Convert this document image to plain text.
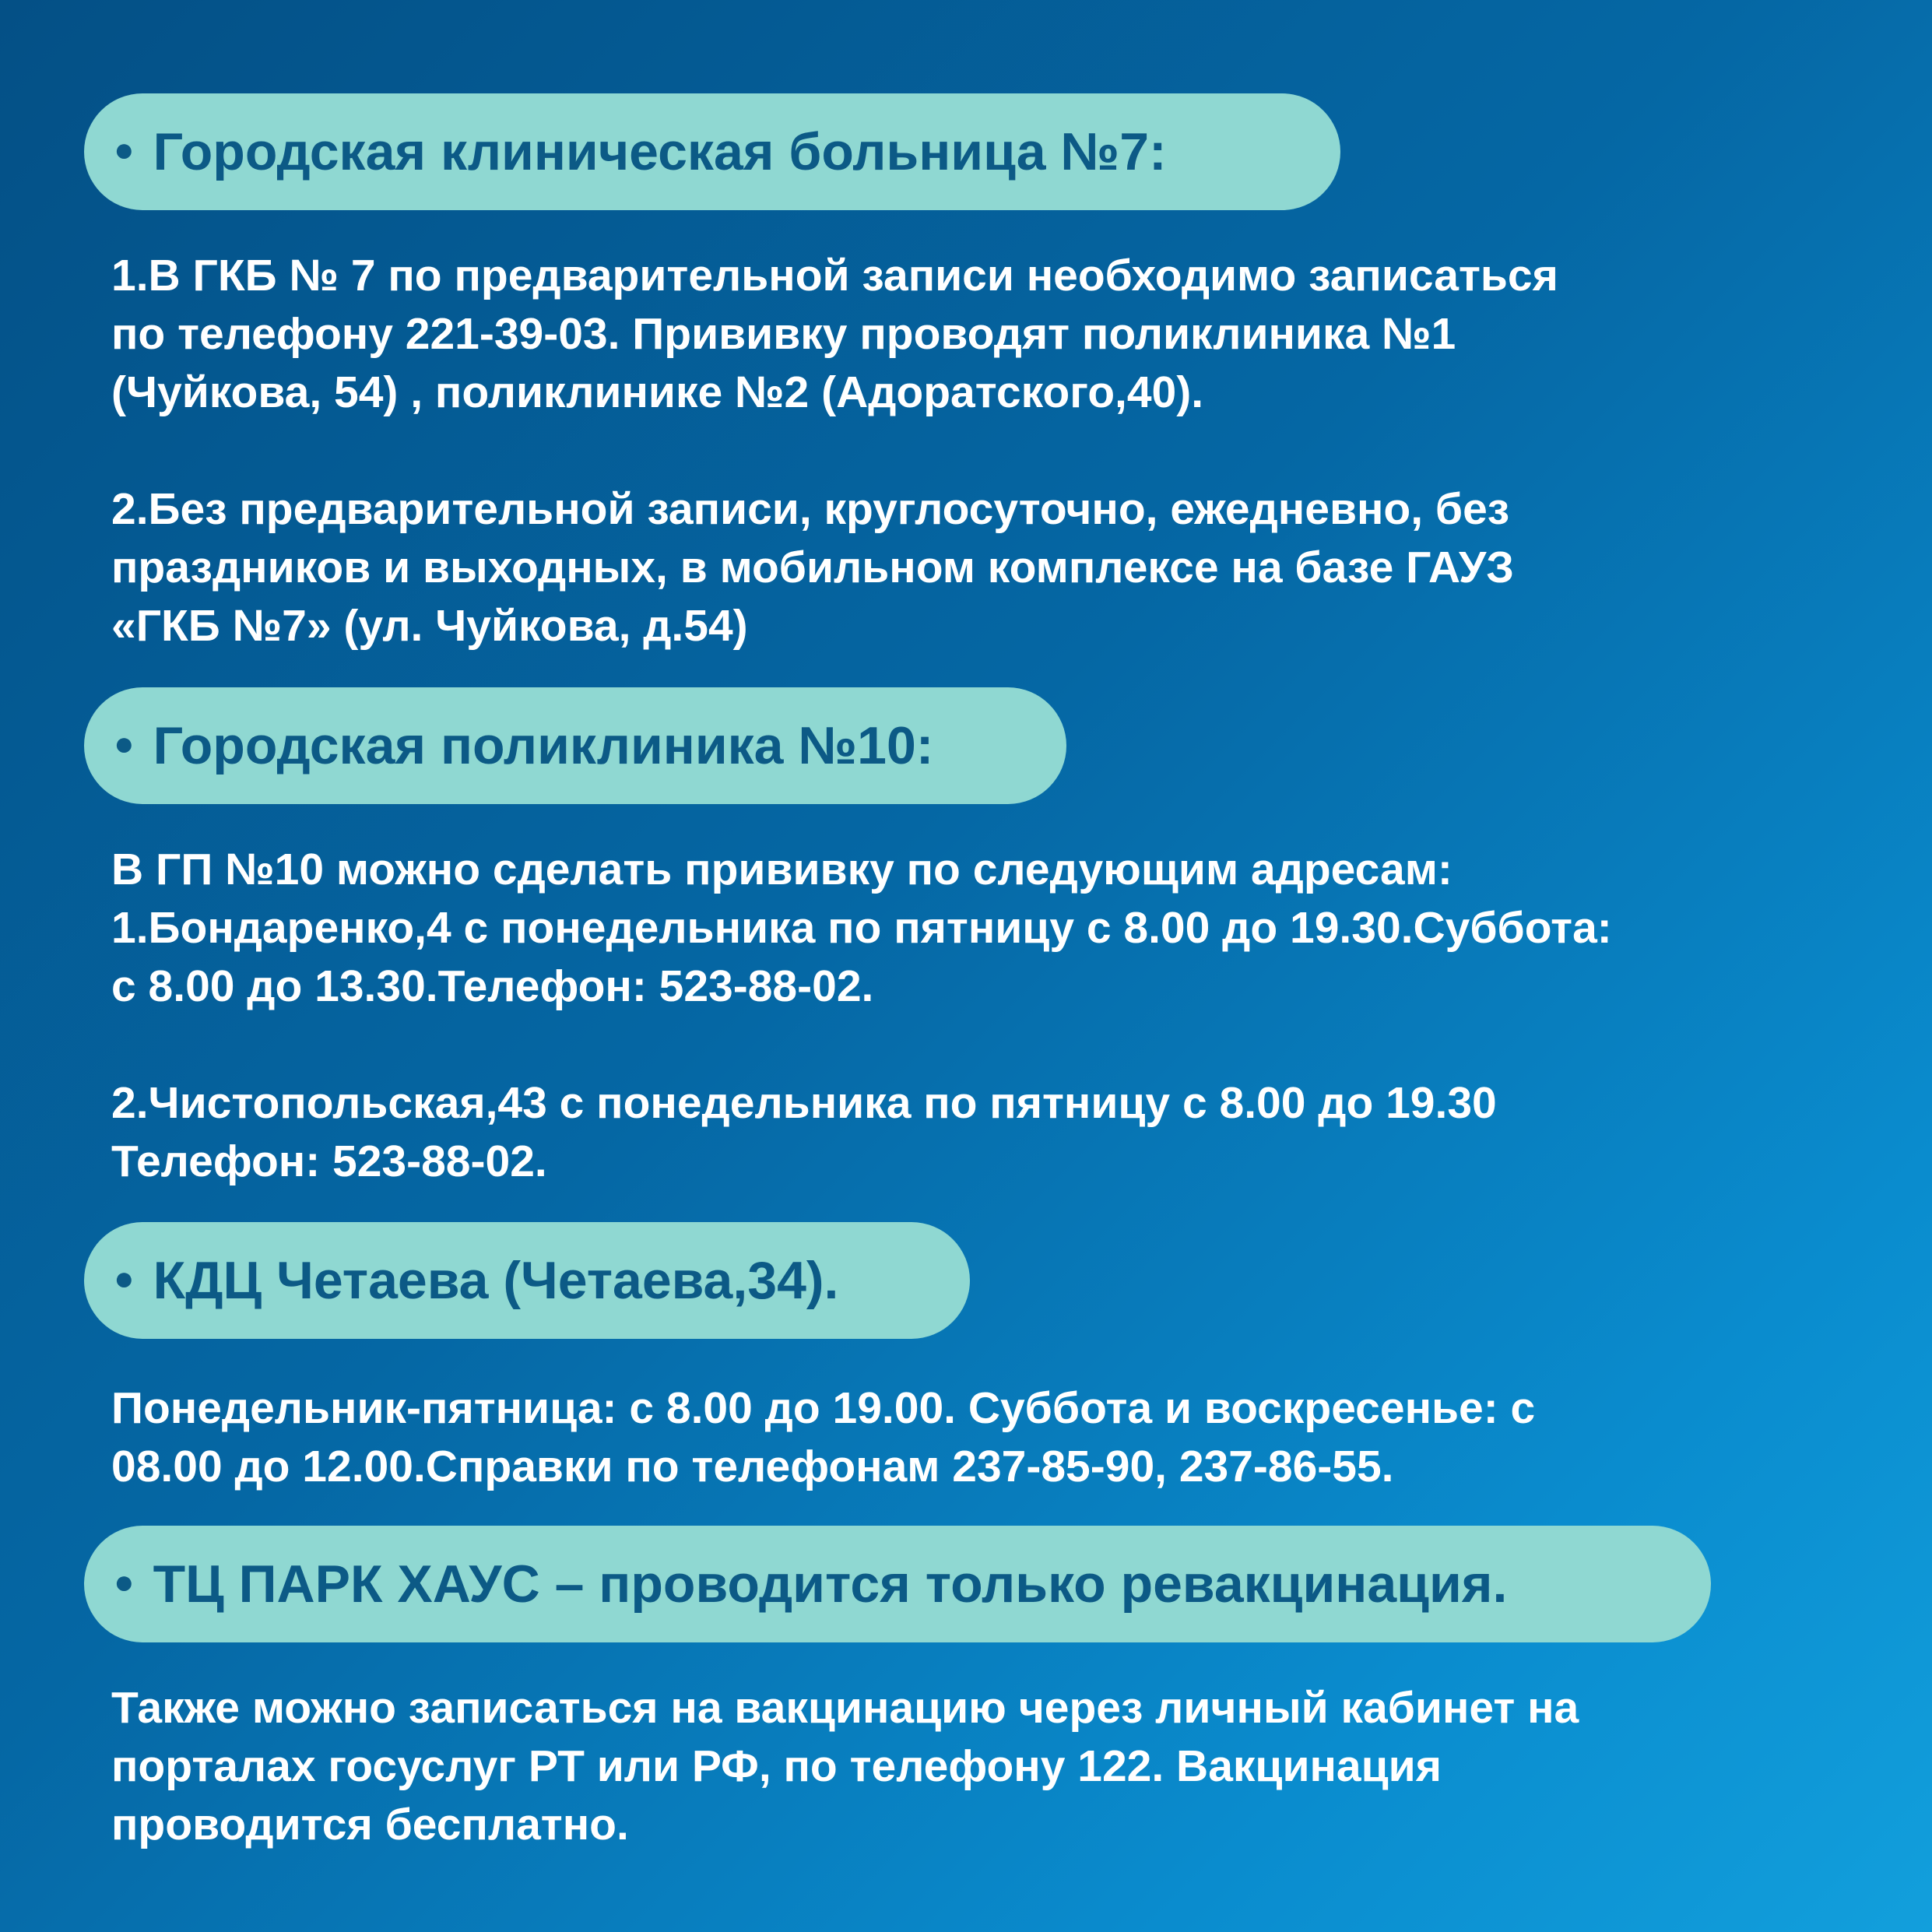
● Городская клиническая больница №7:
1.В ГКБ № 7 по предварительной записи необходимо записаться
по телефону 221-39-03. Прививку проводят поликлиника №1
(Чуйкова, 54) , поликлинике №2 (Адоратского,40).
2.Без предварительной записи, круглосуточно, ежедневно, без
праздников и выходных, в мобильном комплексе на базе ГАУЗ
«ГКБ №7» (ул. Чуйкова, д.54)
● Городская поликлиника №10:
В ГП №10 можно сделать прививку по следующим адресам:
1.Бондаренко,4 с понедельника по пятницу с 8.00 до 19.30.Суббота:
с 8.00 до 13.30.Телефон: 523-88-02.
2.Чистопольская,43 с понедельника по пятницу с 8.00 до 19.30
Телефон: 523-88-02.
● КДЦ Четаева (Четаева,34).
Понедельник-пятница: с 8.00 до 19.00. Суббота и воскресенье: с
08.00 до 12.00.Справки по телефонам 237-85-90, 237-86-55.
● ТЦ ПАРК ХАУС – проводится только ревакцинация.
Также можно записаться на вакцинацию через личный кабинет на
порталах госуслуг РТ или РФ, по телефону 122. Вакцинация
проводится бесплатно.
